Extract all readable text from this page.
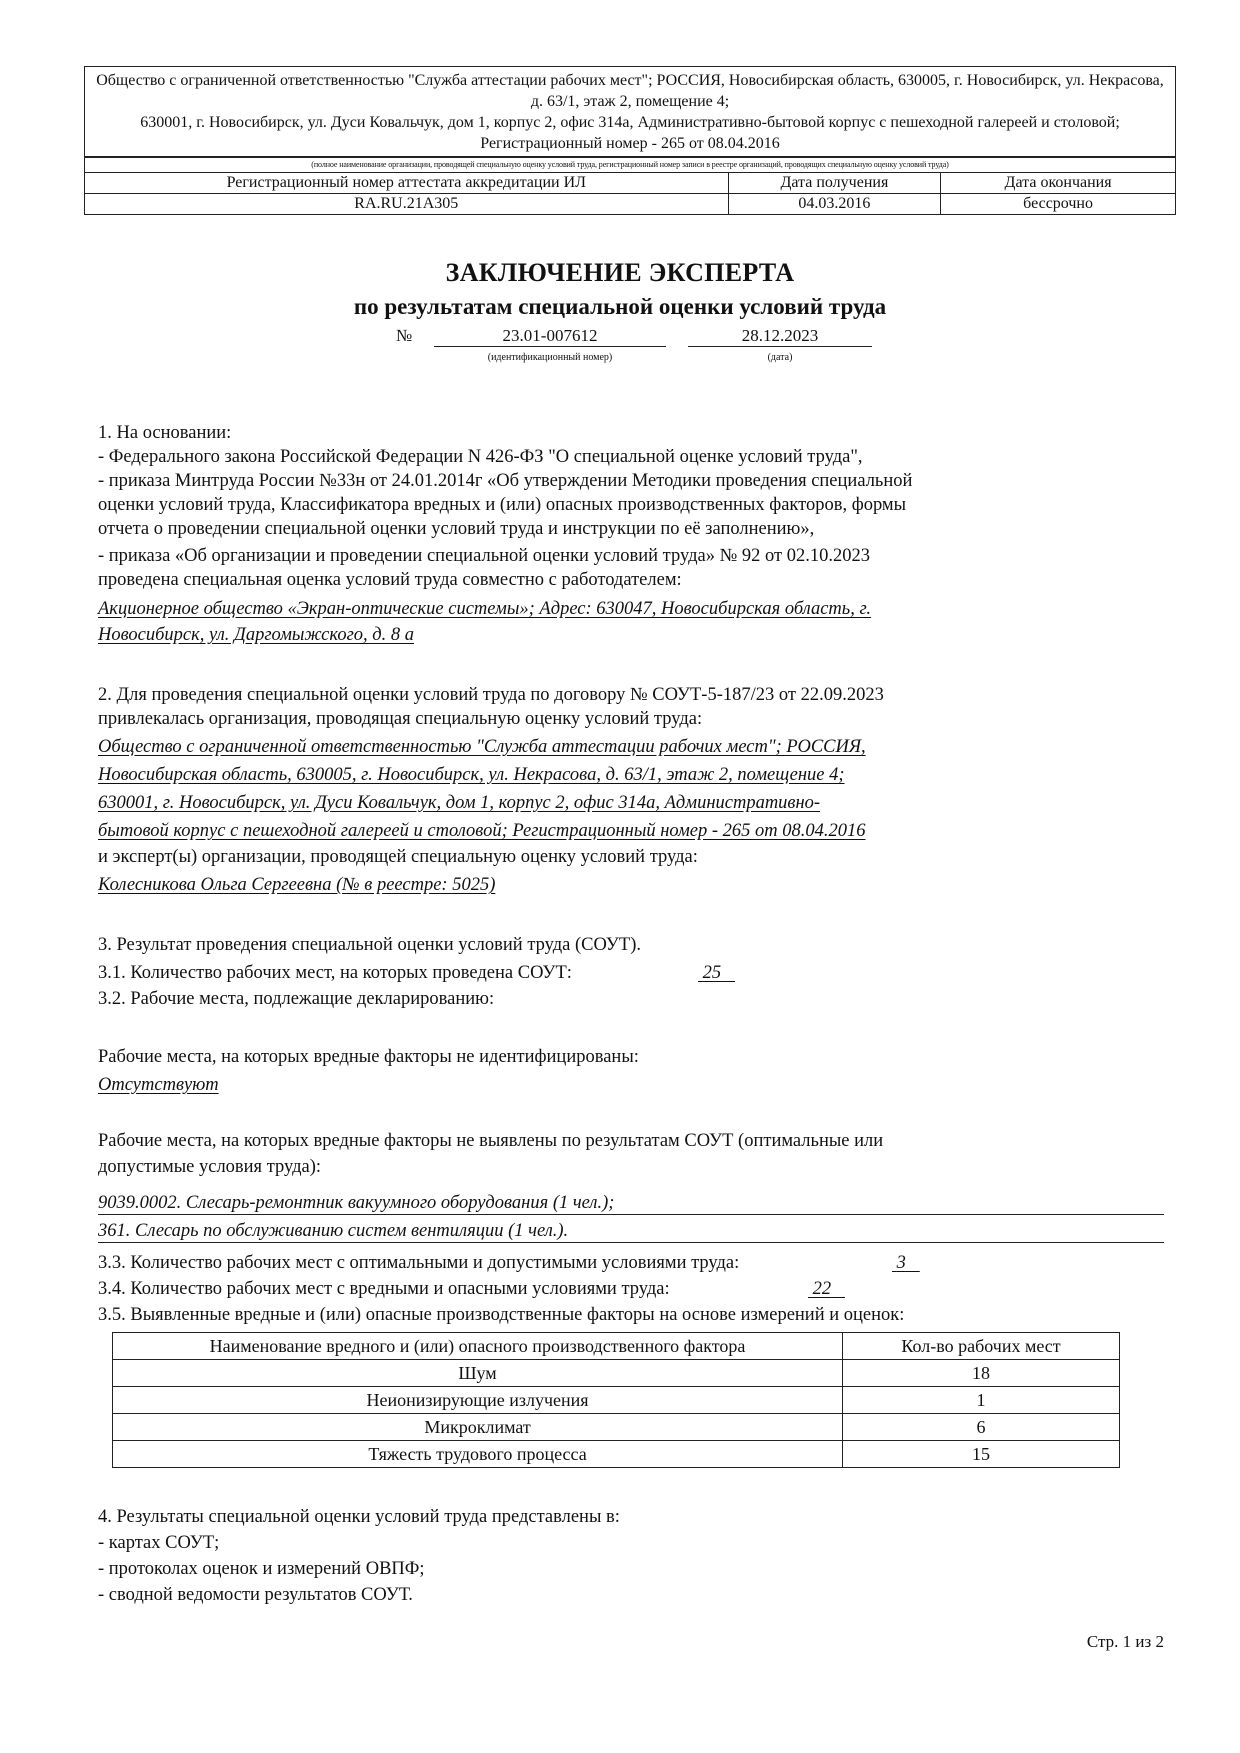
Общество с ограниченной ответственностью "Служба аттестации рабочих мест"; РОССИЯ, Новосибирская область, 630005, г. Новосибирск, ул. Некрасова, д. 63/1, этаж 2, помещение 4;
630001, г. Новосибирск, ул. Дуси Ковальчук, дом 1, корпус 2, офис 314а, Административно-бытовой корпус с пешеходной галереей и столовой; Регистрационный номер - 265 от 08.04.2016
(полное наименование организации, проводящей специальную оценку условий труда, регистрационный номер записи в реестре организаций, проводящих специальную оценку условий труда)
Регистрационный номер аттестата аккредитации ИЛ	Дата получения	Дата окончания
RA.RU.21A305	04.03.2016	бессрочно
ЗАКЛЮЧЕНИЕ ЭКСПЕРТА
по результатам специальной оценки условий труда
№	23.01-007612	28.12.2023
(идентификационный номер)	(дата)
1. На основании:
- Федерального закона Российской Федерации N 426-ФЗ "О специальной оценке условий труда",
- приказа Минтруда России №33н от 24.01.2014г «Об утверждении Методики проведения специальной
оценки условий труда, Классификатора вредных и (или) опасных производственных факторов, формы
отчета о проведении специальной оценки условий труда и инструкции по её заполнению»,
- приказа «Об организации и проведении специальной оценки условий труда» № 92 от 02.10.2023
проведена специальная оценка условий труда совместно с работодателем:
Акционерное общество «Экран-оптические системы»; Адрес: 630047, Новосибирская область, г.
Новосибирск, ул. Даргомыжского, д. 8 а
2. Для проведения специальной оценки условий труда по договору № СОУТ-5-187/23 от 22.09.2023
привлекалась организация, проводящая специальную оценку условий труда:
Общество с ограниченной ответственностью "Служба аттестации рабочих мест"; РОССИЯ,
Новосибирская область, 630005, г. Новосибирск, ул. Некрасова, д. 63/1, этаж 2, помещение 4;
630001, г. Новосибирск, ул. Дуси Ковальчук, дом 1, корпус 2, офис 314а, Административно-
бытовой корпус с пешеходной галереей и столовой; Регистрационный номер - 265 от 08.04.2016
и эксперт(ы) организации, проводящей специальную оценку условий труда:
Колесникова Ольга Сергеевна (№ в реестре: 5025)
3. Результат проведения специальной оценки условий труда (СОУТ).
3.1. Количество рабочих мест, на которых проведена СОУТ:	25
3.2. Рабочие места, подлежащие декларированию:
Рабочие места, на которых вредные факторы не идентифицированы:
Отсутствуют
Рабочие места, на которых вредные факторы не выявлены по результатам СОУТ (оптимальные или
допустимые условия труда):
9039.0002. Слесарь-ремонтник вакуумного оборудования (1 чел.);
361. Слесарь по обслуживанию систем вентиляции (1 чел.).
3.3. Количество рабочих мест с оптимальными и допустимыми условиями труда:	3
3.4. Количество рабочих мест с вредными и опасными условиями труда:	22
3.5. Выявленные вредные и (или) опасные производственные факторы на основе измерений и оценок:
Наименование вредного и (или) опасного производственного фактора	Кол-во рабочих мест
Шум	18
Неионизирующие излучения	1
Микроклимат	6
Тяжесть трудового процесса	15
4. Результаты специальной оценки условий труда представлены в:
- картах СОУТ;
- протоколах оценок и измерений ОВПФ;
- сводной ведомости результатов СОУТ.
Стр. 1 из 2
